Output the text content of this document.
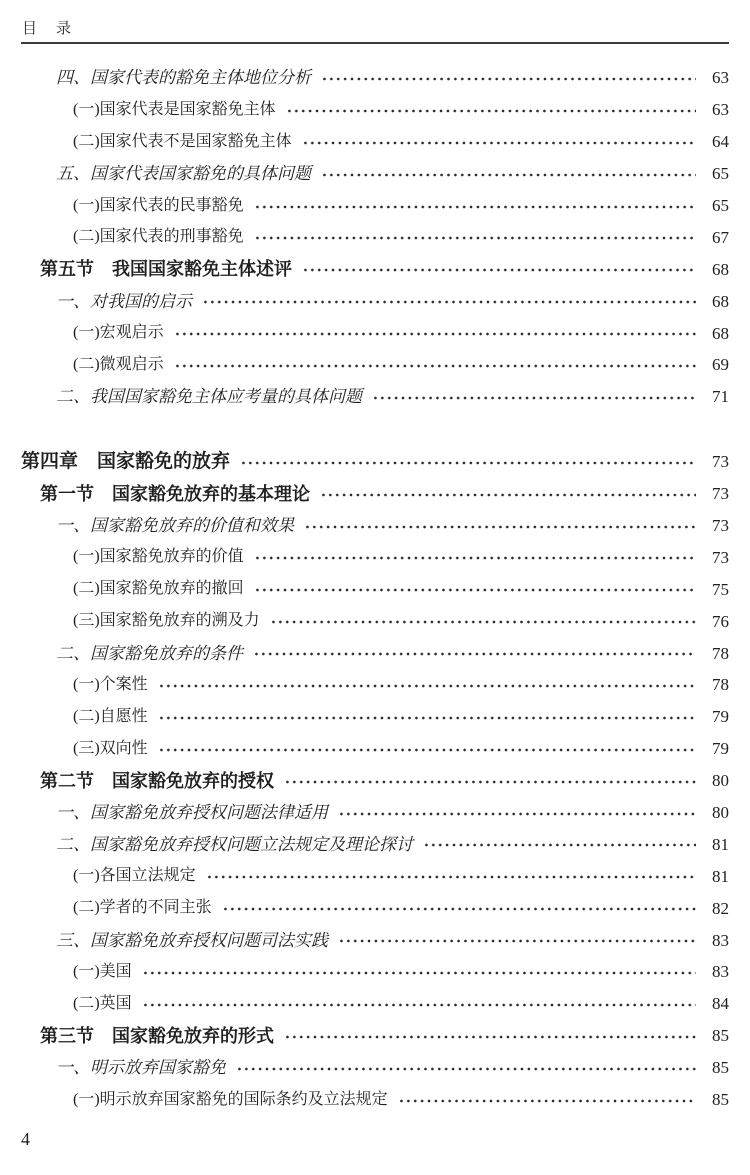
目　录
四、国家代表的豁免主体地位分析	63
(一)国家代表是国家豁免主体	63
(二)国家代表不是国家豁免主体	64
五、国家代表国家豁免的具体问题	65
(一)国家代表的民事豁免	65
(二)国家代表的刑事豁免	67
第五节　我国国家豁免主体述评	68
一、对我国的启示	68
(一)宏观启示	68
(二)微观启示	69
二、我国国家豁免主体应考量的具体问题	71
第四章　国家豁免的放弃	73
第一节　国家豁免放弃的基本理论	73
一、国家豁免放弃的价值和效果	73
(一)国家豁免放弃的价值	73
(二)国家豁免放弃的撤回	75
(三)国家豁免放弃的溯及力	76
二、国家豁免放弃的条件	78
(一)个案性	78
(二)自愿性	79
(三)双向性	79
第二节　国家豁免放弃的授权	80
一、国家豁免放弃授权问题法律适用	80
二、国家豁免放弃授权问题立法规定及理论探讨	81
(一)各国立法规定	81
(二)学者的不同主张	82
三、国家豁免放弃授权问题司法实践	83
(一)美国	83
(二)英国	84
第三节　国家豁免放弃的形式	85
一、明示放弃国家豁免	85
(一)明示放弃国家豁免的国际条约及立法规定	85
4
